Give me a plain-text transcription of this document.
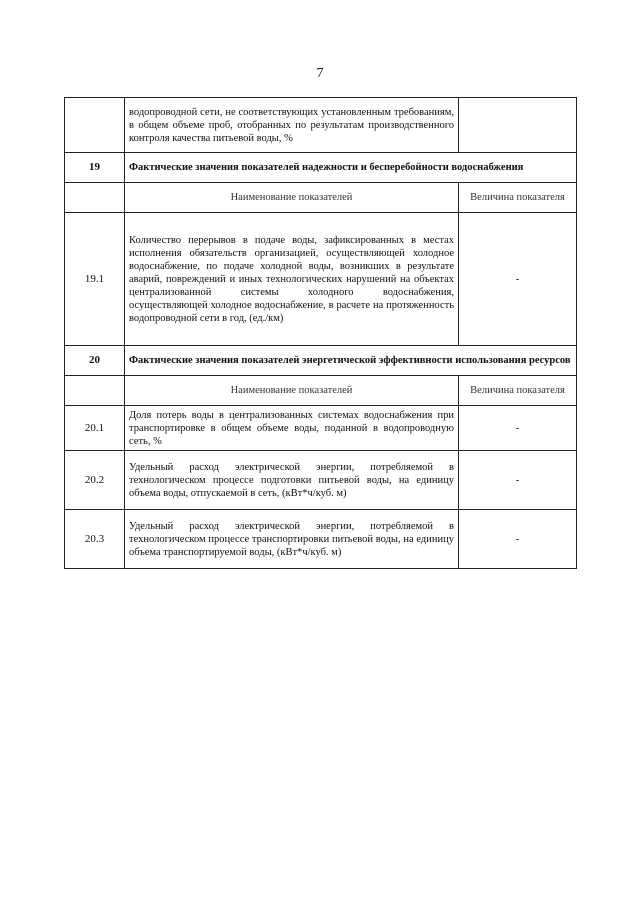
7
	водопроводной сети, не соответствующих установленным требованиям, в общем объеме проб, отобранных по результатам производственного контроля качества питьевой воды, %	
19	Фактические значения показателей надежности и бесперебойности водоснабжения	
	Наименование показателей	Величина показателя
19.1	Количество перерывов в подаче воды, зафиксированных в местах исполнения обязательств организацией, осуществляющей холодное водоснабжение, по подаче холодной воды, возникших в результате аварий, повреждений и иных технологических нарушений на объектах централизованной системы холодного водоснабжения, осуществляющей холодное водоснабжение, в расчете на протяженность водопроводной сети в год, (ед./км)	-
20	Фактические значения показателей энергетической эффективности использования ресурсов	
	Наименование показателей	Величина показателя
20.1	Доля потерь воды в централизованных системах водоснабжения при транспортировке в общем объеме воды, поданной в водопроводную сеть, %	-
20.2	Удельный расход электрической энергии, потребляемой в технологическом процессе подготовки питьевой воды, на единицу объема воды, отпускаемой в сеть, (кВт*ч/куб. м)	-
20.3	Удельный расход электрической энергии, потребляемой в технологическом процессе транспортировки питьевой воды, на единицу объема транспортируемой воды, (кВт*ч/куб. м)	-
